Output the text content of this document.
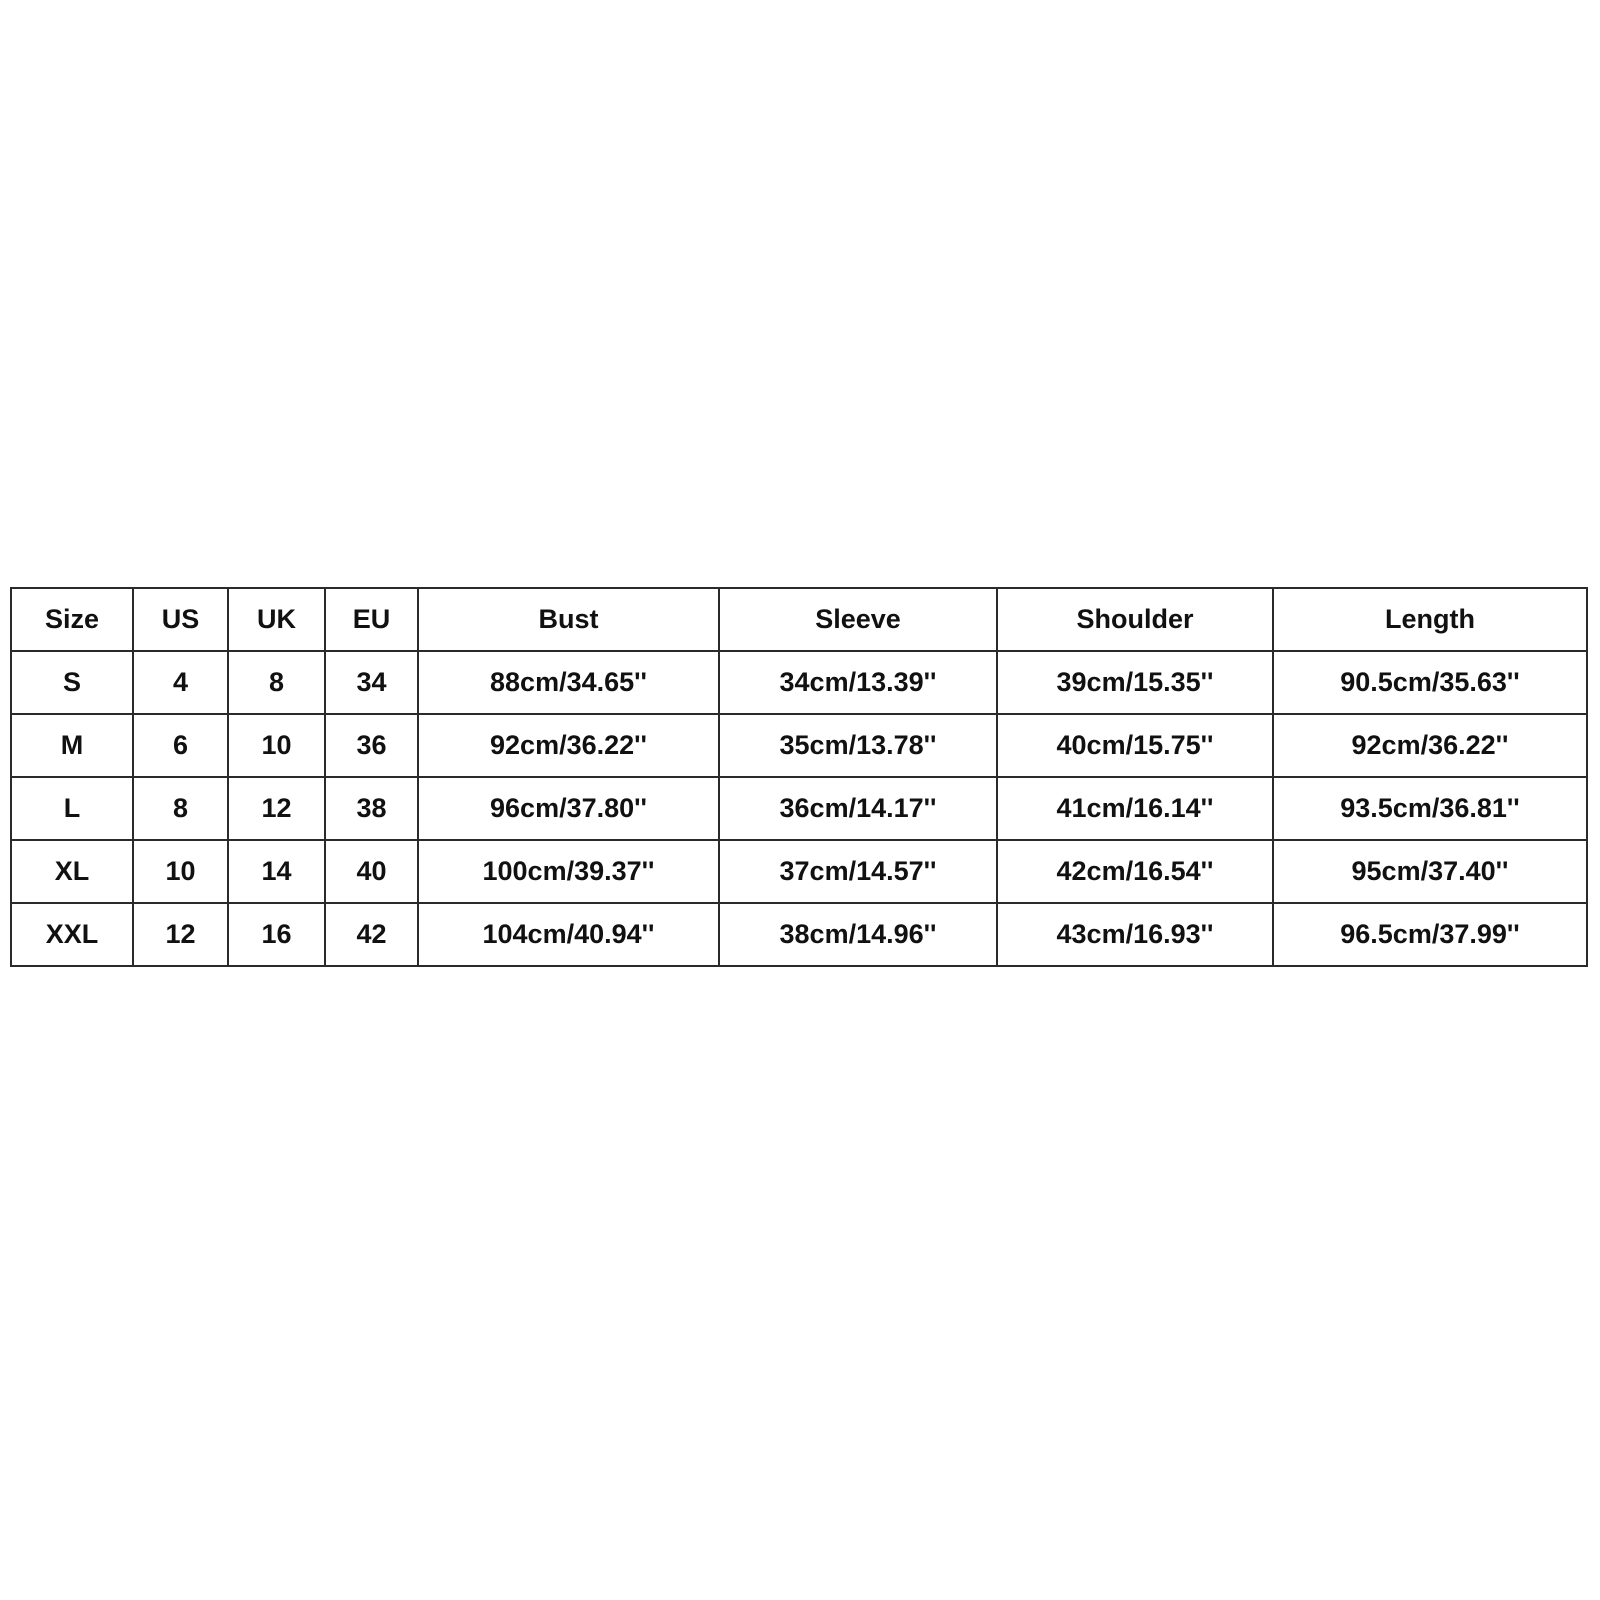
Size	US	UK	EU	Bust	Sleeve	Shoulder	Length
S	4	8	34	88cm/34.65''	34cm/13.39''	39cm/15.35''	90.5cm/35.63''
M	6	10	36	92cm/36.22''	35cm/13.78''	40cm/15.75''	92cm/36.22''
L	8	12	38	96cm/37.80''	36cm/14.17''	41cm/16.14''	93.5cm/36.81''
XL	10	14	40	100cm/39.37''	37cm/14.57''	42cm/16.54''	95cm/37.40''
XXL	12	16	42	104cm/40.94''	38cm/14.96''	43cm/16.93''	96.5cm/37.99''
